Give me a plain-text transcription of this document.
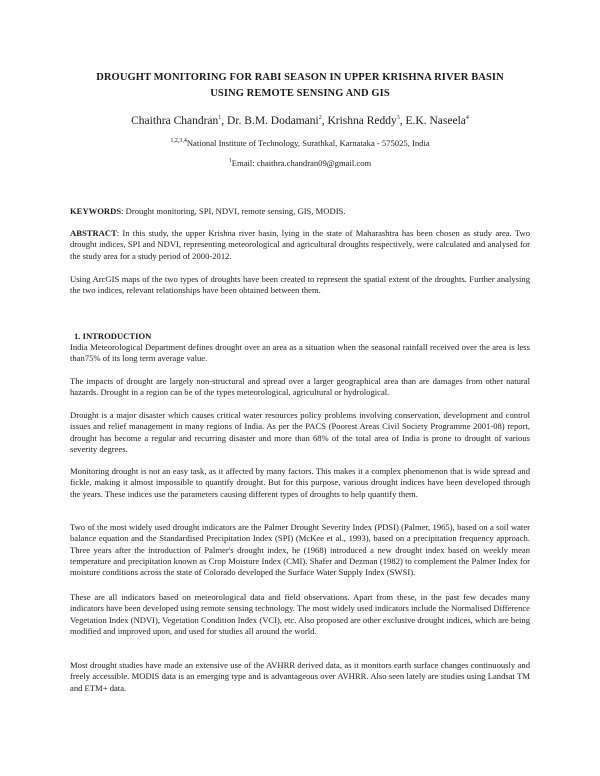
DROUGHT MONITORING FOR RABI SEASON IN UPPER KRISHNA RIVER BASIN
USING REMOTE SENSING AND GIS
Chaithra Chandran$^1$, Dr. B.M. Dodamani$^2$, Krishna Reddy$^3$, E.K. Naseela$^4$
$^{1,2,3,4}$National Institute of Technology, Surathkal, Karnataka - 575025, India
$^1$Email: chaithra.chandran09@gmail.com
KEYWORDS: Drought monitoring, SPI, NDVI, remote sensing, GIS, MODIS.
ABSTRACT: In this study, the upper Krishna river basin, lying in the state of Maharashtra has been chosen as study area. Two drought indices, SPI and NDVI, representing meteorological and agricultural droughts respectively, were calculated and analysed for the study area for a study period of 2000-2012.
Using ArcGIS maps of the two types of droughts have been created to represent the spatial extent of the droughts. Further analysing the two indices, relevant relationships have been obtained between them.
1. INTRODUCTION
India Meteorological Department defines drought over an area as a situation when the seasonal rainfall received over the area is less than75% of its long term average value.
The impacts of drought are largely non-structural and spread over a larger geographical area than are damages from other natural hazards. Drought in a region can be of the types meteorological, agricultural or hydrological.
Drought is a major disaster which causes critical water resources policy problems involving conservation, development and control issues and relief management in many regions of India. As per the PACS (Poorest Areas Civil Society Programme 2001-08) report, drought has become a regular and recurring disaster and more than 68% of the total area of India is prone to drought of various severity degrees.
Monitoring drought is not an easy task, as it affected by many factors. This makes it a complex phenomenon that is wide spread and fickle, making it almost impossible to quantify drought. But for this purpose, various drought indices have been developed through the years. These indices use the parameters causing different types of droughts to help quantify them.
Two of the most widely used drought indicators are the Palmer Drought Severity Index (PDSI) (Palmer, 1965), based on a soil water balance equation and the Standardised Precipitation Index (SPI) (McKee et al., 1993), based on a precipitation frequency approach. Three years after the introduction of Palmer's drought index, he (1968) introduced a new drought index based on weekly mean temperature and precipitation known as Crop Moisture Index (CMI). Shafer and Dezman (1982) to complement the Palmer Index for moisture conditions across the state of Colorado developed the Surface Water Supply Index (SWSI).
These are all indicators based on meteorological data and field observations. Apart from these, in the past few decades many indicators have been developed using remote sensing technology. The most widely used indicators include the Normalised Difference Vegetation Index (NDVI), Vegetation Condition Index (VCI), etc. Also proposed are other exclusive drought indices, which are being modified and improved upon, and used for studies all around the world.
Most drought studies have made an extensive use of the AVHRR derived data, as it monitors earth surface changes continuously and freely accessible. MODIS data is an emerging type and is advantageous over AVHRR. Also seen lately are studies using Landsat TM and ETM+ data.
